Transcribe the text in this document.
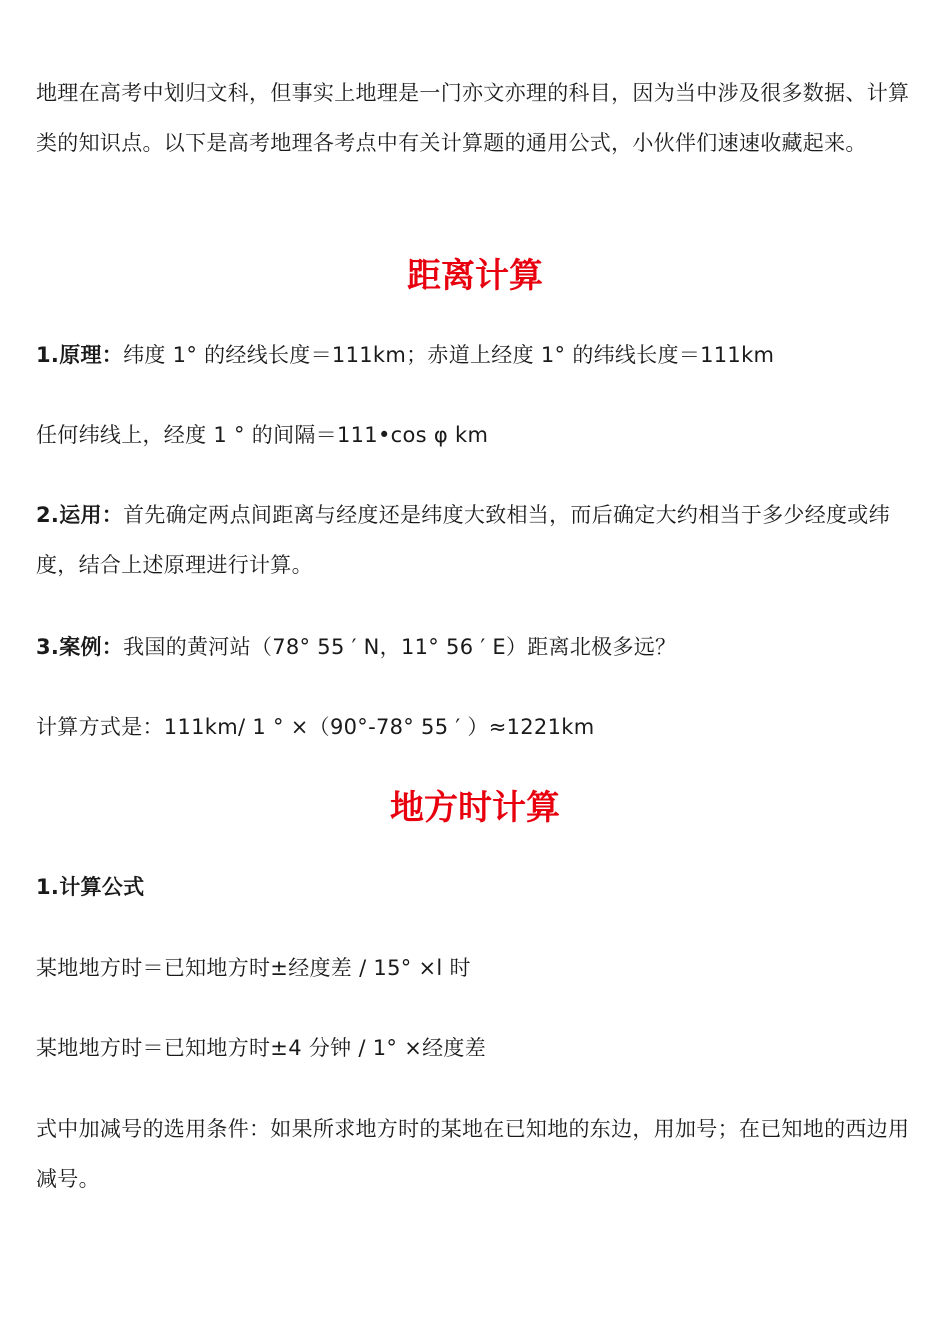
地理在高考中划归文科，但事实上地理是一门亦文亦理的科目，因为当中涉及很多数据、计算类的知识点。以下是高考地理各考点中有关计算题的通用公式，小伙伴们速速收藏起来。

距离计算

1.原理：纬度 1° 的经线长度＝111km；赤道上经度 1° 的纬线长度＝111km

任何纬线上，经度 1 ° 的间隔＝111•cos φ km

2.运用：首先确定两点间距离与经度还是纬度大致相当，而后确定大约相当于多少经度或纬度，结合上述原理进行计算。

3.案例：我国的黄河站（78° 55 ′ N，11° 56 ′ E）距离北极多远？

计算方式是：111km/ 1 ° ×（90°-78° 55 ′ ）≈1221km

地方时计算

1.计算公式

某地地方时＝已知地方时±经度差 / 15° ×l 时

某地地方时＝已知地方时±4 分钟 / 1° ×经度差

式中加减号的选用条件：如果所求地方时的某地在已知地的东边，用加号；在已知地的西边用减号。
